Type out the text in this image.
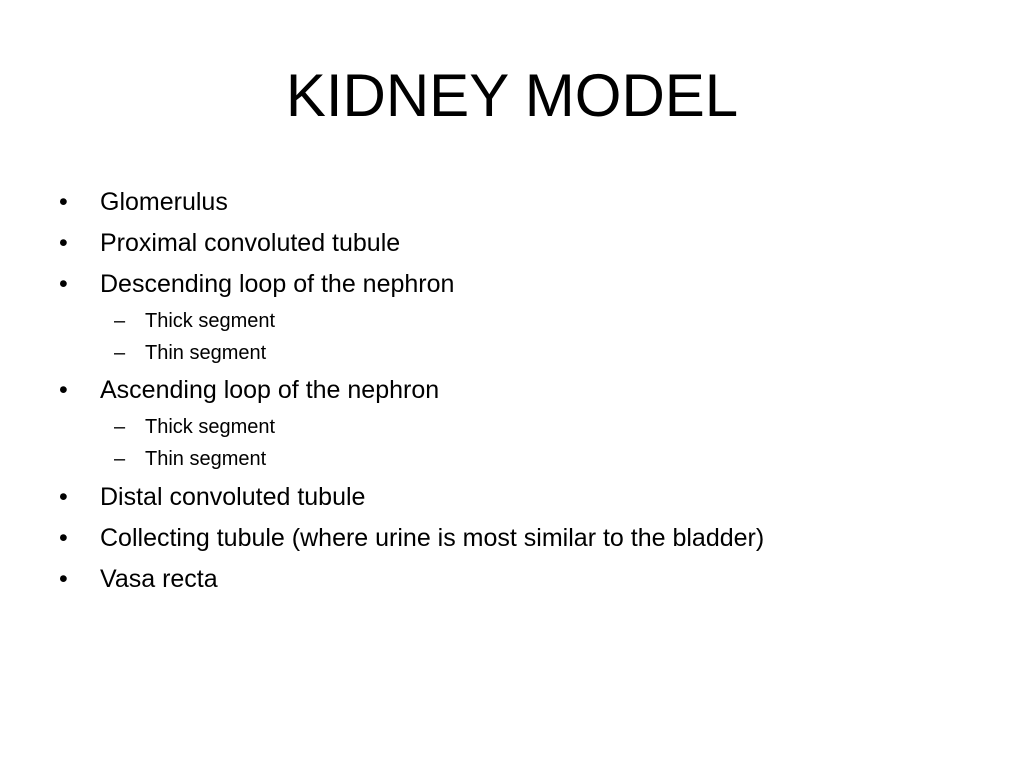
KIDNEY MODEL
• Glomerulus
• Proximal convoluted tubule
• Descending loop of the nephron
– Thick segment
– Thin segment
• Ascending loop of the nephron
– Thick segment
– Thin segment
• Distal convoluted tubule
• Collecting tubule (where urine is most similar to the bladder)
• Vasa recta
